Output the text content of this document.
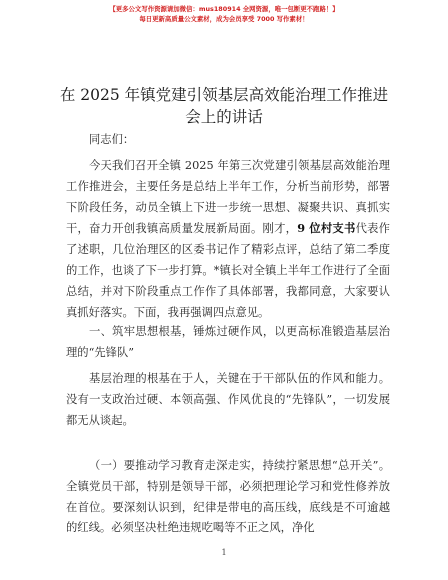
【更多公文写作资源请加微信：mus180914 全网资源，唯一包断更不跑路！】
每日更新高质量公文素材，成为会员享受 7000 写作素材！
在 2025 年镇党建引领基层高效能治理工作推进会上的讲话

同志们：

今天我们召开全镇 2025 年第三次党建引领基层高效能治理工作推进会，主要任务是总结上半年工作，分析当前形势，部署下阶段任务，动员全镇上下进一步统一思想、凝聚共识、真抓实干，奋力开创我镇高质量发展新局面。刚才，9 位村支书代表作了述职，几位治理区的区委书记作了精彩点评，总结了第二季度的工作，也谈了下一步打算。*镇长对全镇上半年工作进行了全面总结，并对下阶段重点工作作了具体部署，我都同意，大家要认真抓好落实。下面，我再强调四点意见。

一、筑牢思想根基，锤炼过硬作风，以更高标准锻造基层治理的“先锋队”

基层治理的根基在于人，关键在于干部队伍的作风和能力。没有一支政治过硬、本领高强、作风优良的“先锋队”，一切发展都无从谈起。

（一）要推动学习教育走深走实，持续拧紧思想“总开关”。全镇党员干部，特别是领导干部，必须把理论学习和党性修养放在首位。要深刻认识到，纪律是带电的高压线，底线是不可逾越的红线。必须坚决杜绝违规吃喝等不正之风，净化

1
